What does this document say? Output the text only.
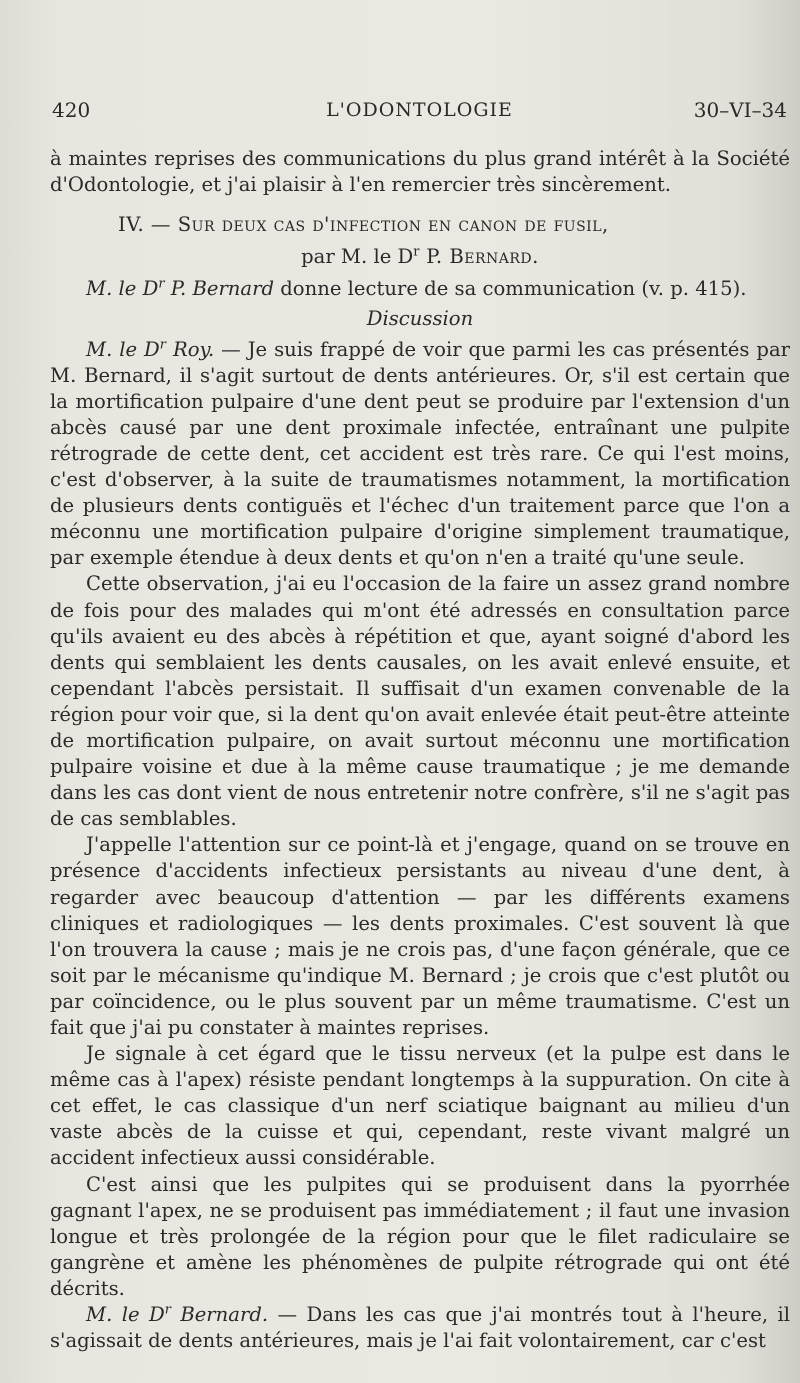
420	L'ODONTOLOGIE	30–VI–34

à maintes reprises des communications du plus grand intérêt à la Société d'Odontologie, et j'ai plaisir à l'en remercier très sincèrement.

IV. — Sur deux cas d'infection en canon de fusil,

par M. le $D^r$ P. Bernard.

M. le $D^r$ P. Bernard donne lecture de sa communication (v. p. 415).

Discussion

M. le $D^r$ Roy. — Je suis frappé de voir que parmi les cas présentés par M. Bernard, il s'agit surtout de dents antérieures. Or, s'il est certain que la mortification pulpaire d'une dent peut se produire par l'extension d'un abcès causé par une dent proximale infectée, entraînant une pulpite rétrograde de cette dent, cet accident est très rare. Ce qui l'est moins, c'est d'observer, à la suite de traumatismes notamment, la mortification de plusieurs dents contiguës et l'échec d'un traitement parce que l'on a méconnu une mortification pulpaire d'origine simplement traumatique, par exemple étendue à deux dents et qu'on n'en a traité qu'une seule.

Cette observation, j'ai eu l'occasion de la faire un assez grand nombre de fois pour des malades qui m'ont été adressés en consultation parce qu'ils avaient eu des abcès à répétition et que, ayant soigné d'abord les dents qui semblaient les dents causales, on les avait enlevé ensuite, et cependant l'abcès persistait. Il suffisait d'un examen convenable de la région pour voir que, si la dent qu'on avait enlevée était peut-être atteinte de mortification pulpaire, on avait surtout méconnu une mortification pulpaire voisine et due à la même cause traumatique ; je me demande dans les cas dont vient de nous entretenir notre confrère, s'il ne s'agit pas de cas semblables.

J'appelle l'attention sur ce point-là et j'engage, quand on se trouve en présence d'accidents infectieux persistants au niveau d'une dent, à regarder avec beaucoup d'attention — par les différents examens cliniques et radiologiques — les dents proximales. C'est souvent là que l'on trouvera la cause ; mais je ne crois pas, d'une façon générale, que ce soit par le mécanisme qu'indique M. Bernard ; je crois que c'est plutôt ou par coïncidence, ou le plus souvent par un même traumatisme. C'est un fait que j'ai pu constater à maintes reprises.

Je signale à cet égard que le tissu nerveux (et la pulpe est dans le même cas à l'apex) résiste pendant longtemps à la suppuration. On cite à cet effet, le cas classique d'un nerf sciatique baignant au milieu d'un vaste abcès de la cuisse et qui, cependant, reste vivant malgré un accident infectieux aussi considérable.

C'est ainsi que les pulpites qui se produisent dans la pyorrhée gagnant l'apex, ne se produisent pas immédiatement ; il faut une invasion longue et très prolongée de la région pour que le filet radiculaire se gangrène et amène les phénomènes de pulpite rétrograde qui ont été décrits.

M. le $D^r$ Bernard. — Dans les cas que j'ai montrés tout à l'heure, il s'agissait de dents antérieures, mais je l'ai fait volontairement, car c'est
